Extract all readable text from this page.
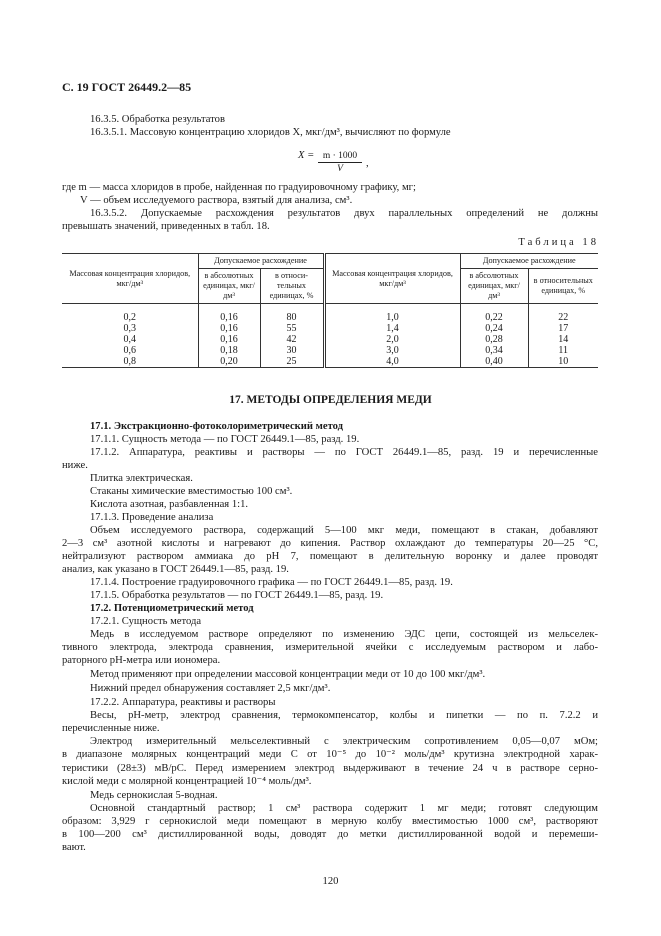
С. 19 ГОСТ 26449.2—85
16.3.5. Обработка результатов
16.3.5.1. Массовую концентрацию хлоридов X, мкг/дм³, вычисляют по формуле
$X = \frac{m \cdot 1000}{V}$ ,
где m — масса хлоридов в пробе, найденная по градуировочному графику, мг;
V — объем исследуемого раствора, взятый для анализа, см³.
16.3.5.2. Допускаемые расхождения результатов двух параллельных определений не должны
превышать значений, приведенных в табл. 18.
Таблица 18
Массовая концентрация хлоридов, мкг/дм³	Допускаемое расхождение		Массовая концентрация хлоридов, мкг/дм³	Допускаемое расхождение	
	в абсолютных единицах, мкг/дм³	в относительных единицах, %		в абсолютных единицах, мкг/дм³	в относительных единицах, %
0,2	0,16	80	1,0	0,22	22
0,3	0,16	55	1,4	0,24	17
0,4	0,16	42	2,0	0,28	14
0,6	0,18	30	3,0	0,34	11
0,8	0,20	25	4,0	0,40	10
17. МЕТОДЫ ОПРЕДЕЛЕНИЯ МЕДИ
17.1. Экстракционно-фотоколориметрический метод
17.1.1. Сущность метода — по ГОСТ 26449.1—85, разд. 19.
17.1.2. Аппаратура, реактивы и растворы — по ГОСТ 26449.1—85, разд. 19 и перечисленные
ниже.
Плитка электрическая.
Стаканы химические вместимостью 100 см³.
Кислота азотная, разбавленная 1:1.
17.1.3. Проведение анализа
Объем исследуемого раствора, содержащий 5—100 мкг меди, помещают в стакан, добавляют
2—3 см³ азотной кислоты и нагревают до кипения. Раствор охлаждают до температуры 20—25 °С,
нейтрализуют раствором аммиака до рН 7, помещают в делительную воронку и далее проводят
анализ, как указано в ГОСТ 26449.1—85, разд. 19.
17.1.4. Построение градуировочного графика — по ГОСТ 26449.1—85, разд. 19.
17.1.5. Обработка результатов — по ГОСТ 26449.1—85, разд. 19.
17.2. Потенциометрический метод
17.2.1. Сущность метода
Медь в исследуемом растворе определяют по изменению ЭДС цепи, состоящей из мельселек-
тивного электрода, электрода сравнения, измерительной ячейки с исследуемым раствором и лабо-
раторного рН-метра или иономера.
Метод применяют при определении массовой концентрации меди от 10 до 100 мкг/дм³.
Нижний предел обнаружения составляет 2,5 мкг/дм³.
17.2.2. Аппаратура, реактивы и растворы
Весы, рН-метр, электрод сравнения, термокомпенсатор, колбы и пипетки — по п. 7.2.2 и
перечисленные ниже.
Электрод измерительный мельселективный с электрическим сопротивлением 0,05—0,07 мОм;
в диапазоне молярных концентраций меди C от 10⁻⁵ до 10⁻² моль/дм³ крутизна электродной харак-
теристики (28±3) мВ/рС. Перед измерением электрод выдерживают в течение 24 ч в растворе серно-
кислой меди с молярной концентрацией 10⁻⁴ моль/дм³.
Медь сернокислая 5-водная.
Основной стандартный раствор; 1 см³ раствора содержит 1 мг меди; готовят следующим
образом: 3,929 г сернокислой меди помещают в мерную колбу вместимостью 1000 см³, растворяют
в 100—200 см³ дистиллированной воды, доводят до метки дистиллированной водой и перемеши-
вают.
120
